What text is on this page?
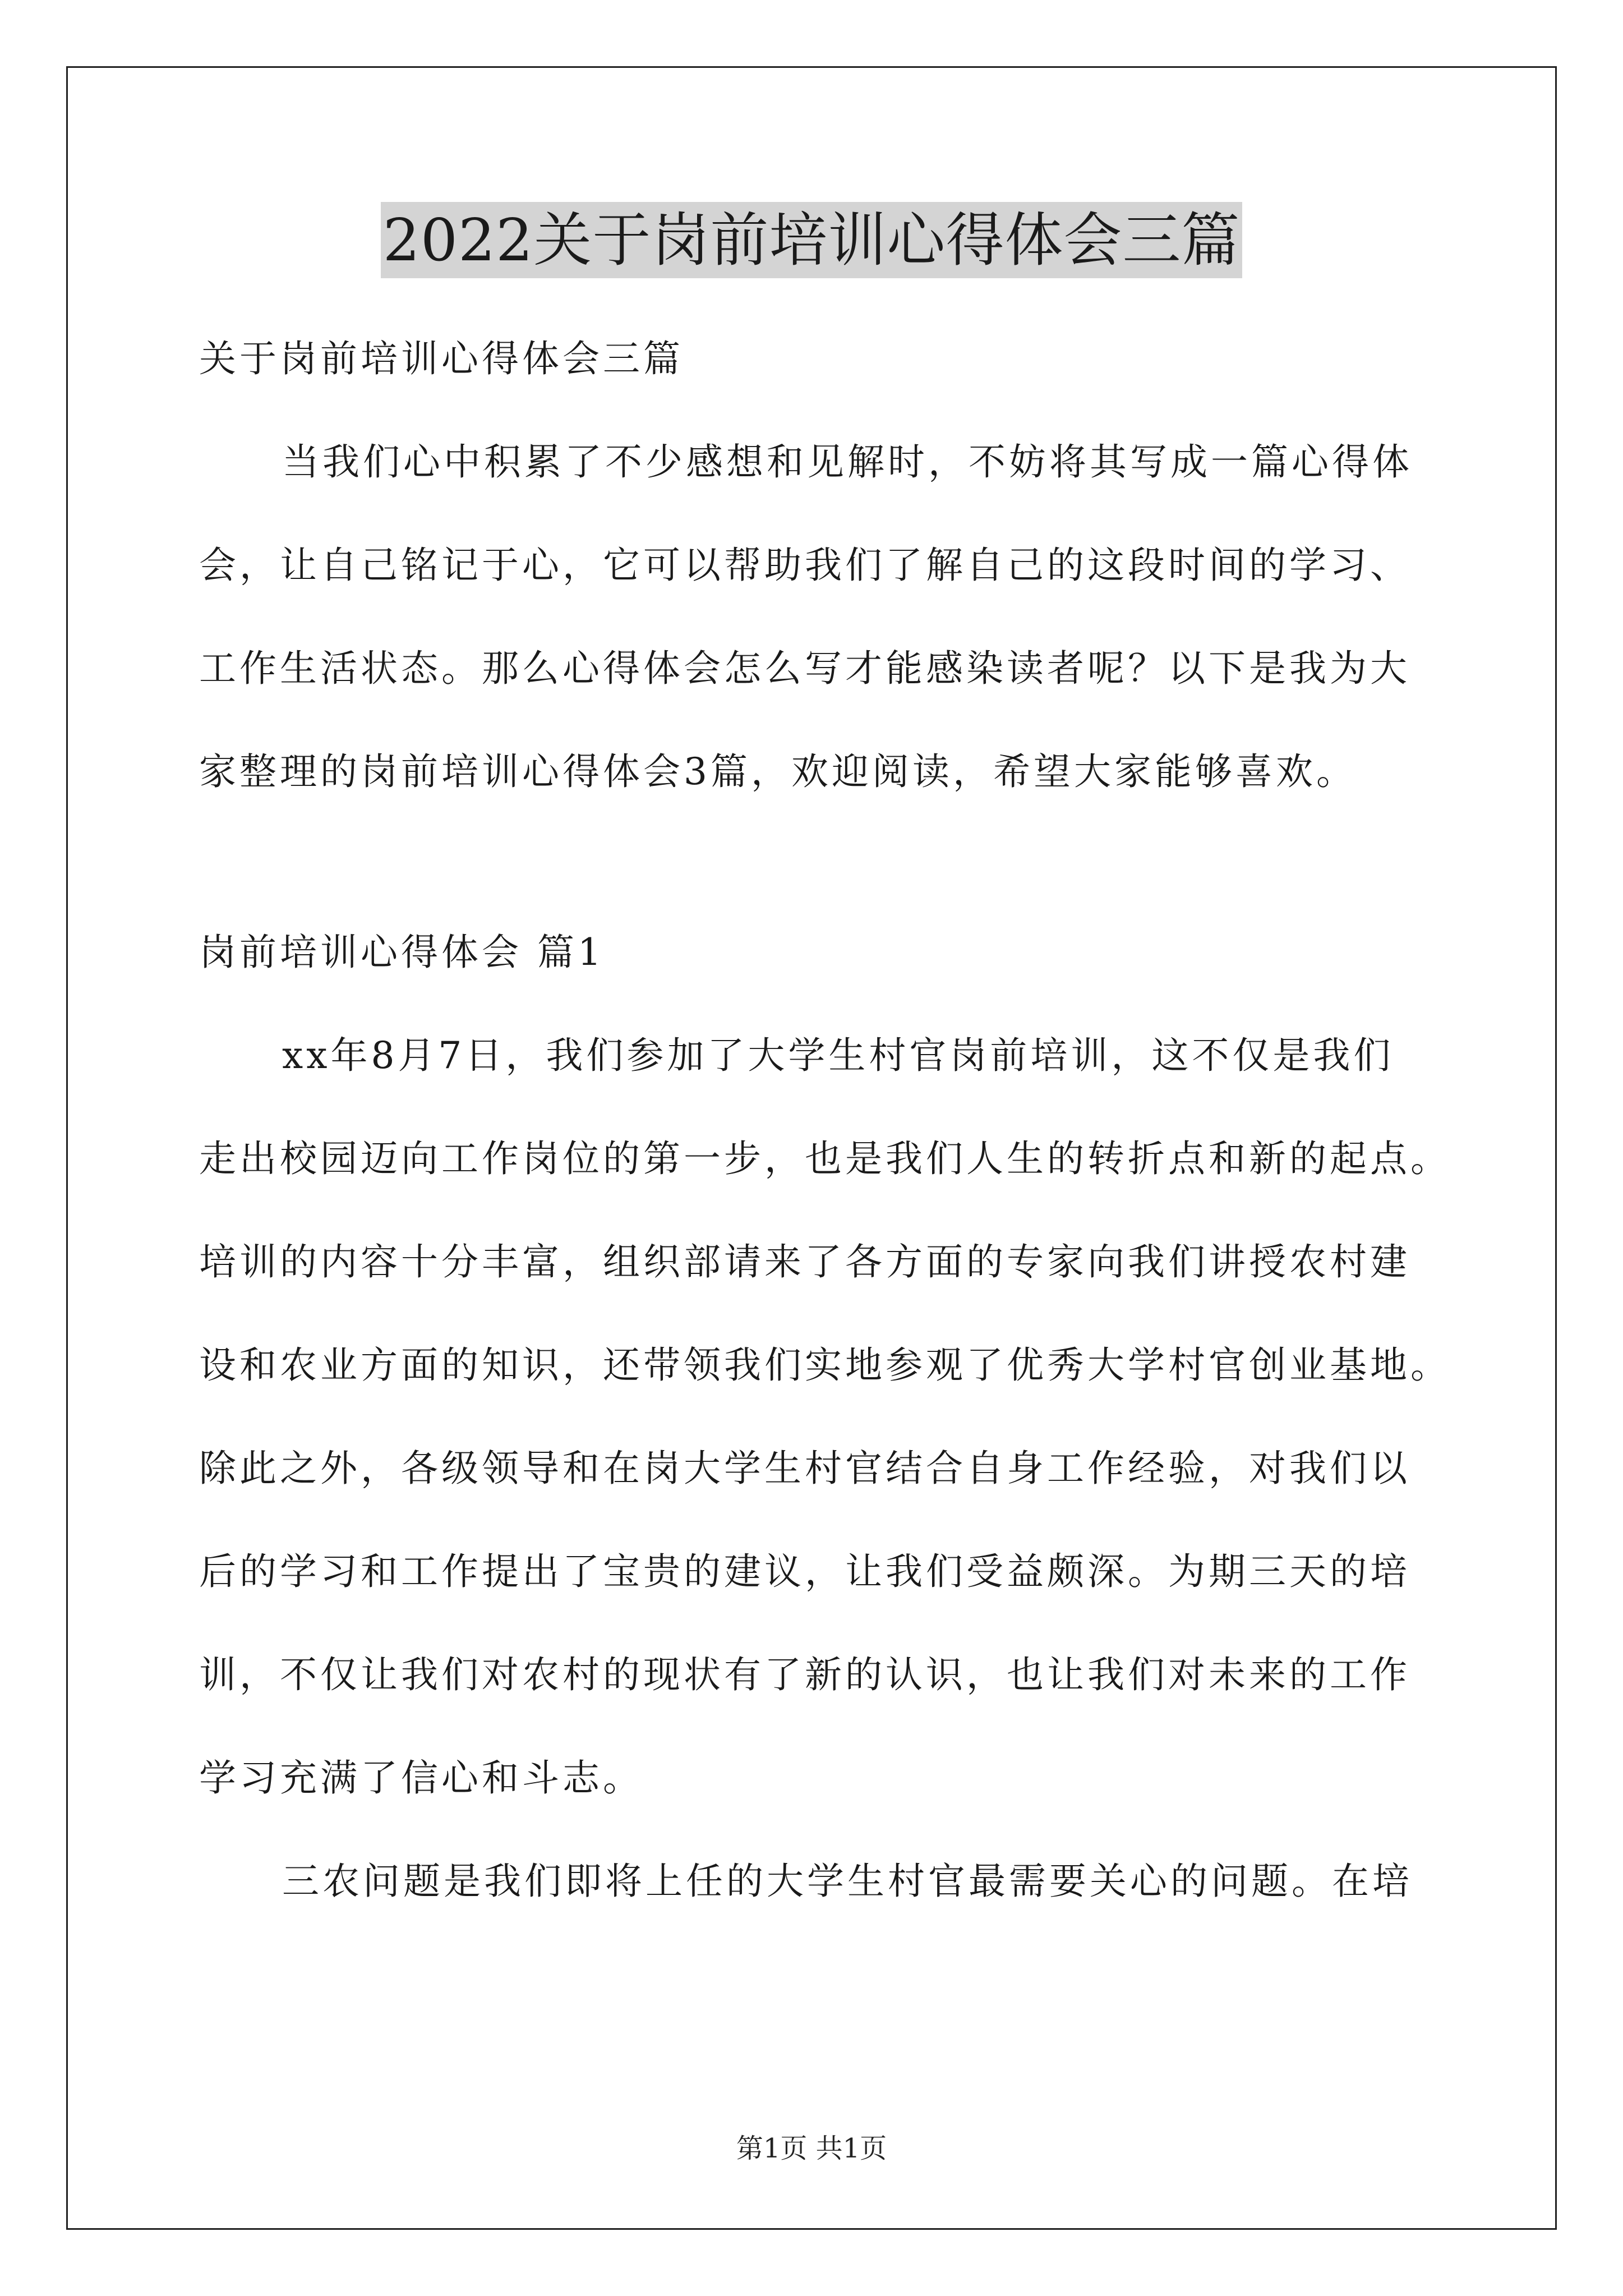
2022关于岗前培训心得体会三篇
关于岗前培训心得体会三篇
当我们心中积累了不少感想和见解时，不妨将其写成一篇心得体
会，让自己铭记于心，它可以帮助我们了解自己的这段时间的学习、
工作生活状态。那么心得体会怎么写才能感染读者呢？以下是我为大
家整理的岗前培训心得体会3篇，欢迎阅读，希望大家能够喜欢。
岗前培训心得体会 篇1
xx年8月7日，我们参加了大学生村官岗前培训，这不仅是我们
走出校园迈向工作岗位的第一步，也是我们人生的转折点和新的起点。
培训的内容十分丰富，组织部请来了各方面的专家向我们讲授农村建
设和农业方面的知识，还带领我们实地参观了优秀大学村官创业基地。
除此之外，各级领导和在岗大学生村官结合自身工作经验，对我们以
后的学习和工作提出了宝贵的建议，让我们受益颇深。为期三天的培
训，不仅让我们对农村的现状有了新的认识，也让我们对未来的工作
学习充满了信心和斗志。
三农问题是我们即将上任的大学生村官最需要关心的问题。在培
第1页 共1页
